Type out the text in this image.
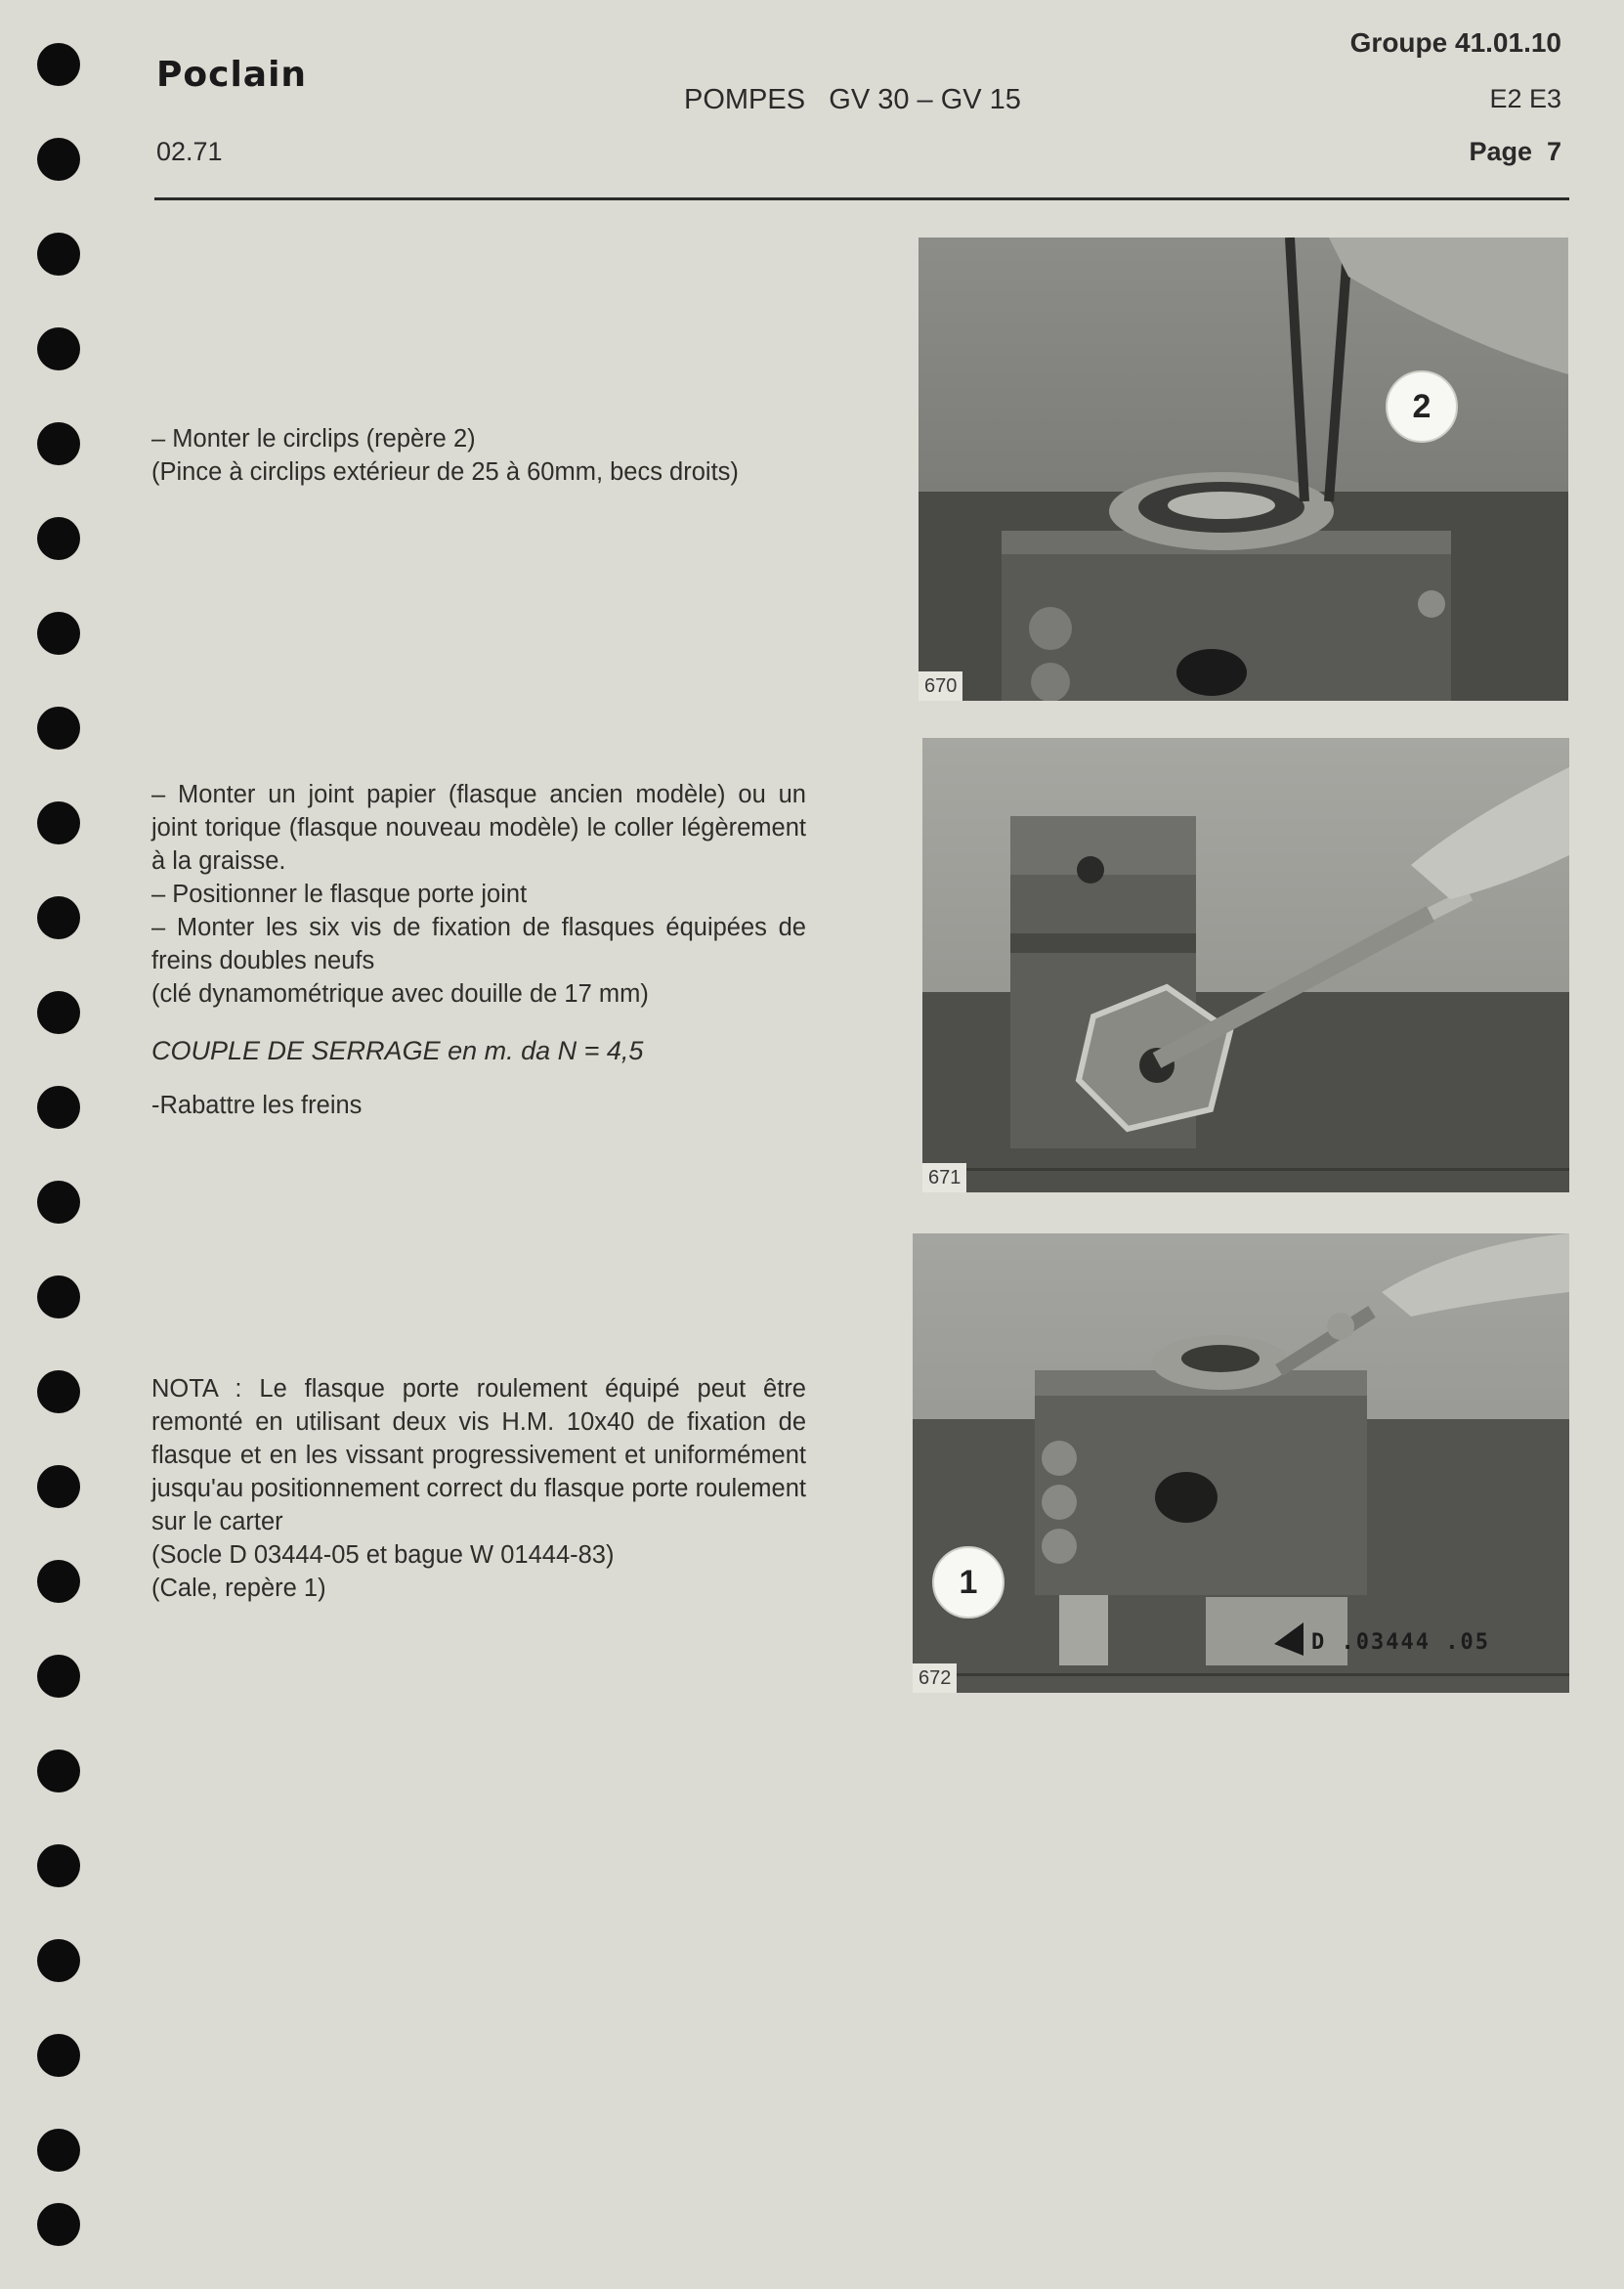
Poclain
02.71
POMPES   GV 30 – GV 15
Groupe 41.01.10
E2 E3
Page  7

– Monter le circlips (repère 2)

(Pince à circlips extérieur de 25 à 60mm, becs droits)

– Monter un joint papier (flasque ancien modèle) ou un joint torique (flasque nouveau modèle) le coller légèrement à la graisse.

– Positionner le flasque porte joint

– Monter les six vis de fixation de flasques équipées de freins doubles neufs

(clé dynamométrique avec douille de 17 mm)

COUPLE DE SERRAGE en m. da N = 4,5

-Rabattre les freins

NOTA : Le flasque porte roulement équipé peut être remonté en utilisant deux vis H.M. 10x40 de fixation de flasque et en les vissant progressivement et uniformément jusqu'au positionnement correct du flasque porte roulement sur le carter

(Socle D 03444-05 et bague W 01444-83)

(Cale, repère 1)

2
670
671
1
D .03444 .05
672
